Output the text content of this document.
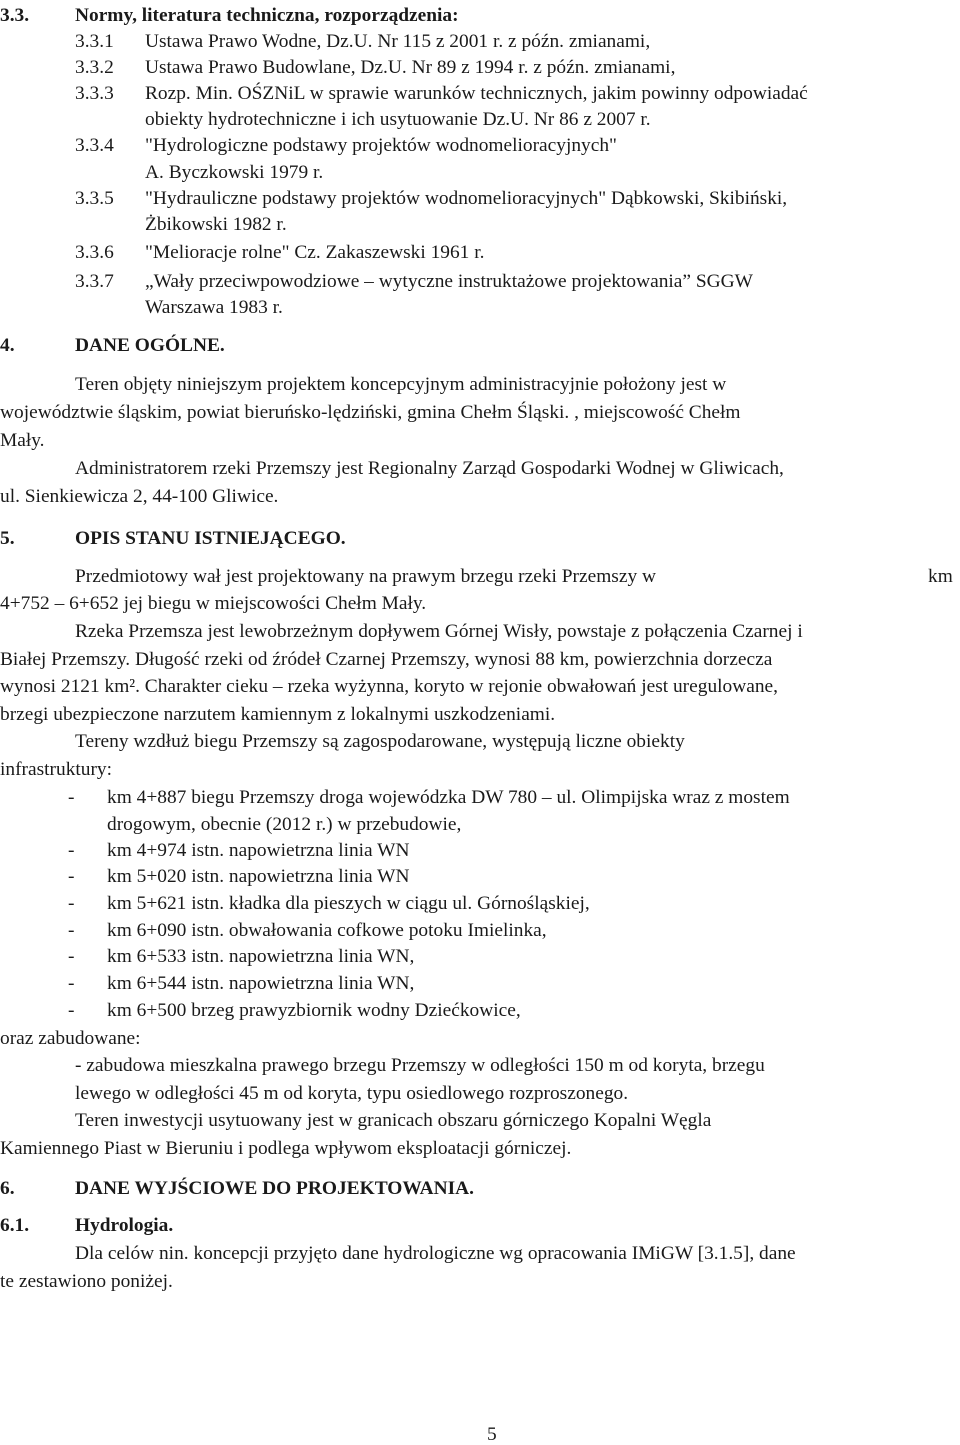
3.3. Normy, literatura techniczna, rozporządzenia:
3.3.1 Ustawa Prawo Wodne, Dz.U. Nr 115 z 2001 r. z późn. zmianami,
3.3.2 Ustawa Prawo Budowlane, Dz.U. Nr 89 z 1994 r. z późn. zmianami,
3.3.3 Rozp. Min. OŚZNiL w sprawie warunków technicznych, jakim powinny odpowiadać
obiekty hydrotechniczne i ich usytuowanie Dz.U. Nr 86 z 2007 r.
3.3.4 "Hydrologiczne podstawy projektów wodnomelioracyjnych"
A. Byczkowski 1979 r.
3.3.5 "Hydrauliczne podstawy projektów wodnomelioracyjnych" Dąbkowski, Skibiński,
Żbikowski 1982 r.
3.3.6 "Melioracje rolne" Cz. Zakaszewski 1961 r.
3.3.7 „Wały przeciwpowodziowe – wytyczne instruktażowe projektowania” SGGW
Warszawa 1983 r.
4.	DANE OGÓLNE.
Teren objęty niniejszym projektem koncepcyjnym administracyjnie położony jest w
województwie śląskim, powiat bieruńsko-lędziński, gmina Chełm Śląski. , miejscowość Chełm
Mały.
Administratorem rzeki Przemszy jest Regionalny Zarząd Gospodarki Wodnej w Gliwicach,
ul. Sienkiewicza 2, 44-100 Gliwice.
5.	OPIS STANU ISTNIEJĄCEGO.
Przedmiotowy wał jest projektowany na prawym brzegu rzeki Przemszy w	km
4+752 – 6+652 jej biegu w miejscowości Chełm Mały.
Rzeka Przemsza jest lewobrzeżnym dopływem Górnej Wisły, powstaje z połączenia Czarnej i
Białej Przemszy. Długość rzeki od źródeł Czarnej Przemszy, wynosi 88 km, powierzchnia dorzecza
wynosi 2121 km². Charakter cieku – rzeka wyżynna, koryto w rejonie obwałowań jest uregulowane,
brzegi ubezpieczone narzutem kamiennym z lokalnymi uszkodzeniami.
Tereny wzdłuż biegu Przemszy są zagospodarowane, występują liczne obiekty
infrastruktury:
- km 4+887 biegu Przemszy droga wojewódzka DW 780 – ul. Olimpijska wraz z mostem
drogowym, obecnie (2012 r.) w przebudowie,
- km 4+974 istn. napowietrzna linia WN
- km 5+020 istn. napowietrzna linia WN
- km 5+621 istn. kładka dla pieszych w ciągu ul. Górnośląskiej,
- km 6+090 istn. obwałowania cofkowe potoku Imielinka,
- km 6+533 istn. napowietrzna linia WN,
- km 6+544 istn. napowietrzna linia WN,
- km 6+500 brzeg prawyzbiornik wodny Dziećkowice,
oraz zabudowane:
- zabudowa mieszkalna prawego brzegu Przemszy w odległości 150 m od koryta, brzegu
lewego w odległości 45 m od koryta, typu osiedlowego rozproszonego.
Teren inwestycji usytuowany jest w granicach obszaru górniczego Kopalni Węgla
Kamiennego Piast w Bieruniu i podlega wpływom eksploatacji górniczej.
6.	DANE WYJŚCIOWE DO PROJEKTOWANIA.
6.1. Hydrologia.
Dla celów nin. koncepcji przyjęto dane hydrologiczne wg opracowania IMiGW [3.1.5], dane
te zestawiono poniżej.
5
